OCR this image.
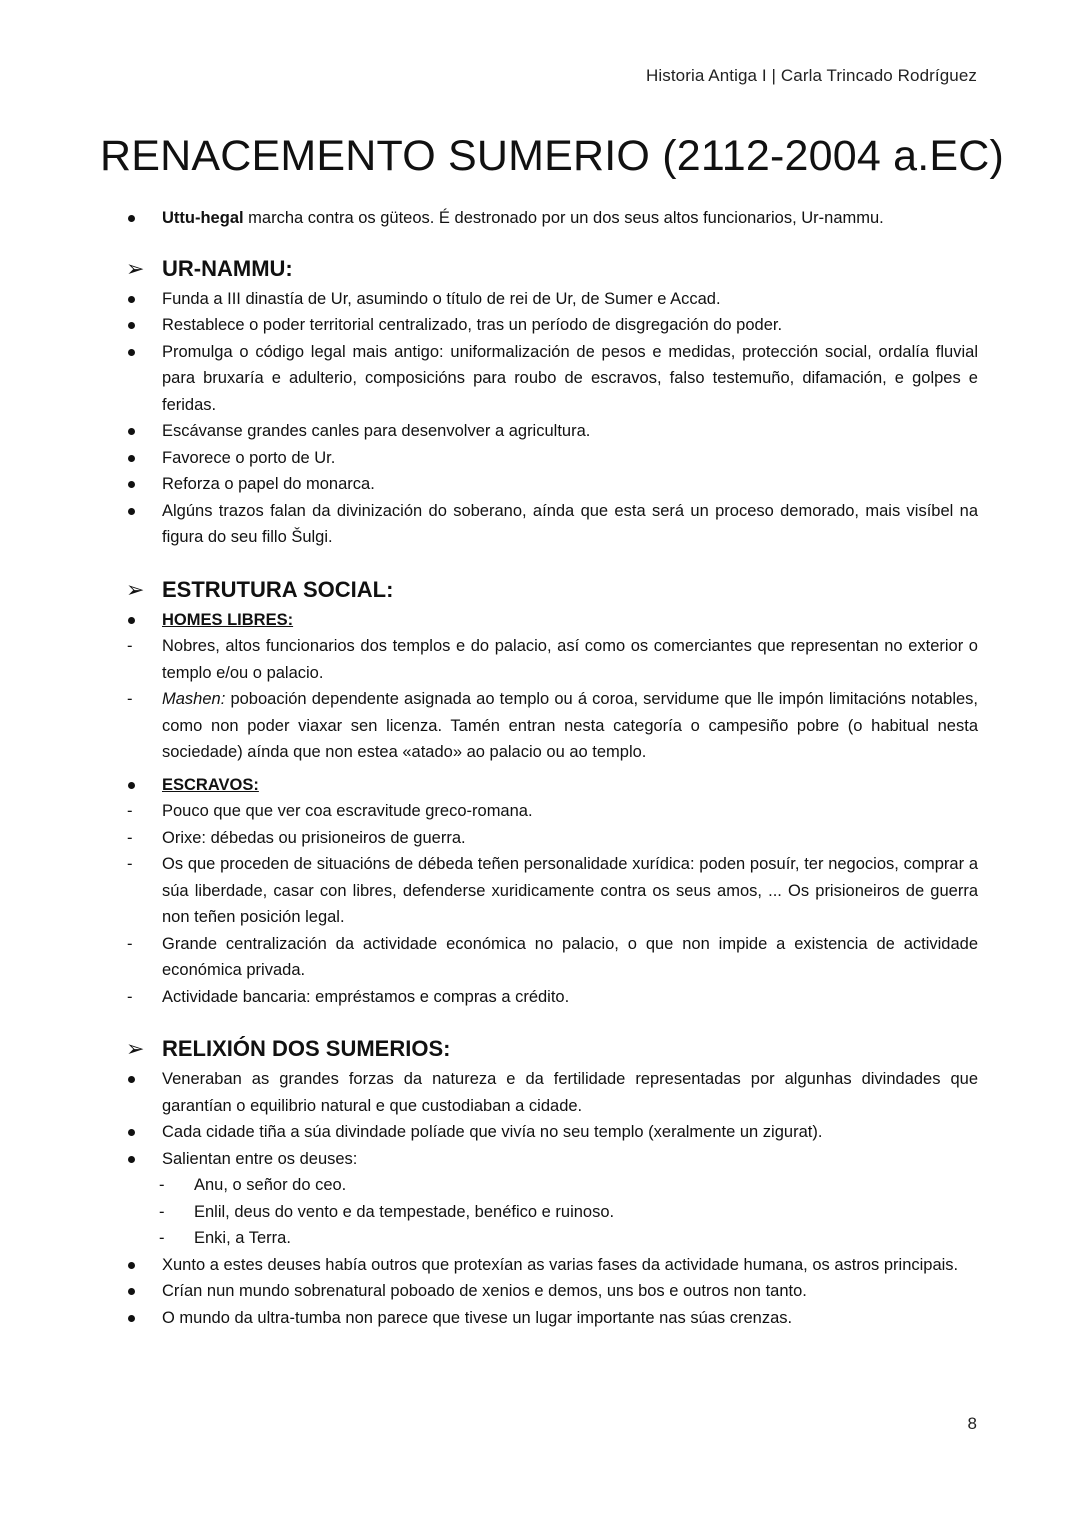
Historia Antiga I | Carla Trincado Rodríguez
RENACEMENTO SUMERIO (2112-2004 a.EC)
Uttu-hegal marcha contra os güteos. É destronado por un dos seus altos funcionarios, Ur-nammu.
➢ UR-NAMMU:
Funda a III dinastía de Ur, asumindo o título de rei de Ur, de Sumer e Accad.
Restablece o poder territorial centralizado, tras un período de disgregación do poder.
Promulga o código legal mais antigo: uniformalización de pesos e medidas, protección social, ordalía fluvial para bruxaría e adulterio, composicións para roubo de escravos, falso testemuño, difamación, e golpes e feridas.
Escávanse grandes canles para desenvolver a agricultura.
Favorece o porto de Ur.
Reforza o papel do monarca.
Algúns trazos falan da divinización do soberano, aínda que esta será un proceso demorado, mais visíbel na figura do seu fillo Šulgi.
➢ ESTRUTURA SOCIAL:
HOMES LIBRES:
Nobres, altos funcionarios dos templos e do palacio, así como os comerciantes que representan no exterior o templo e/ou o palacio.
Mashen: poboación dependente asignada ao templo ou á coroa, servidume que lle impón limitacións notables, como non poder viaxar sen licenza. Tamén entran nesta categoría o campesiño pobre (o habitual nesta sociedade) aínda que non estea «atado» ao palacio ou ao templo.
ESCRAVOS:
Pouco que que ver coa escravitude greco-romana.
Orixe: débedas ou prisioneiros de guerra.
Os que proceden de situacións de débeda teñen personalidade xurídica: poden posuír, ter negocios, comprar a súa liberdade, casar con libres, defenderse xuridicamente contra os seus amos, ... Os prisioneiros de guerra non teñen posición legal.
Grande centralización da actividade económica no palacio, o que non impide a existencia de actividade económica privada.
Actividade bancaria: empréstamos e compras a crédito.
➢ RELIXIÓN DOS SUMERIOS:
Veneraban as grandes forzas da natureza e da fertilidade representadas por algunhas divindades que garantían o equilibrio natural e que custodiaban a cidade.
Cada cidade tiña a súa divindade políade que vivía no seu templo (xeralmente un zigurat).
Salientan entre os deuses:
Anu, o señor do ceo.
Enlil, deus do vento e da tempestade, benéfico e ruinoso.
Enki, a Terra.
Xunto a estes deuses había outros que protexían as varias fases da actividade humana, os astros principais.
Crían nun mundo sobrenatural poboado de xenios e demos, uns bos e outros non tanto.
O mundo da ultra-tumba non parece que tivese un lugar importante nas súas crenzas.
8
